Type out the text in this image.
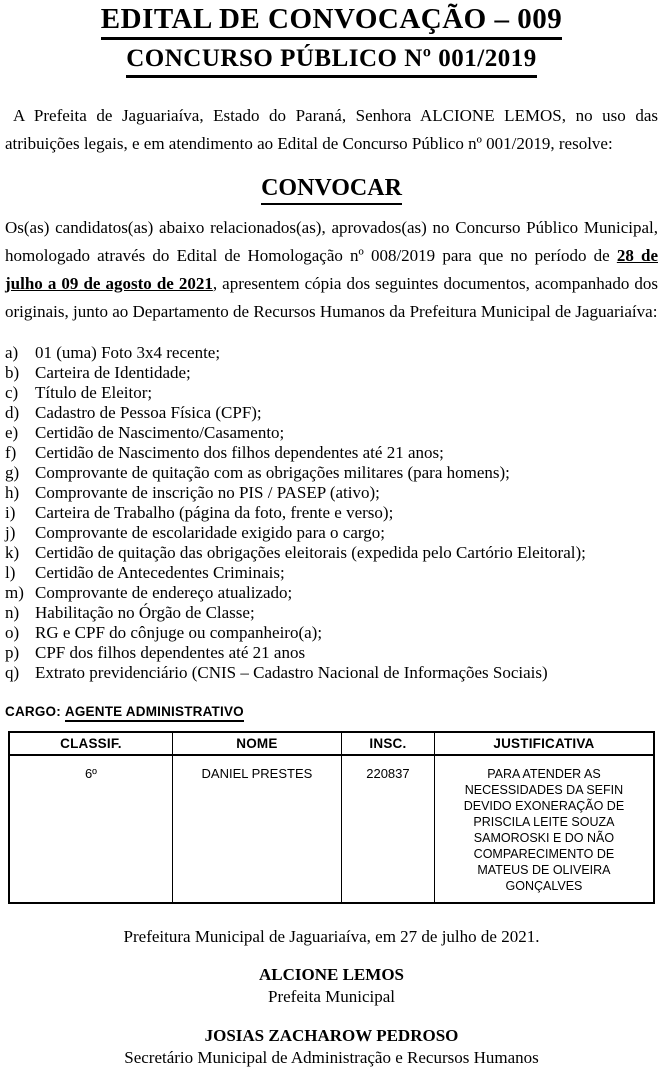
EDITAL DE CONVOCAÇÃO – 009
CONCURSO PÚBLICO Nº 001/2019

A Prefeita de Jaguariaíva, Estado do Paraná, Senhora ALCIONE LEMOS, no uso das atribuições legais, e em atendimento ao Edital de Concurso Público nº 001/2019, resolve:

CONVOCAR

Os(as) candidatos(as) abaixo relacionados(as), aprovados(as) no Concurso Público Municipal, homologado através do Edital de Homologação nº 008/2019 para que no período de 28 de julho a 09 de agosto de 2021, apresentem cópia dos seguintes documentos, acompanhado dos originais, junto ao Departamento de Recursos Humanos da Prefeitura Municipal de Jaguariaíva:

a) 01 (uma) Foto 3x4 recente;
b) Carteira de Identidade;
c) Título de Eleitor;
d) Cadastro de Pessoa Física (CPF);
e) Certidão de Nascimento/Casamento;
f)	Certidão de Nascimento dos filhos dependentes até 21 anos;
g) Comprovante de quitação com as obrigações militares (para homens);
h) Comprovante de inscrição no PIS / PASEP (ativo);
i)	Carteira de Trabalho (página da foto, frente e verso);
j)	Comprovante de escolaridade exigido para o cargo;
k) Certidão de quitação das obrigações eleitorais (expedida pelo Cartório Eleitoral);
l)	Certidão de Antecedentes Criminais;
m) Comprovante de endereço atualizado;
n) Habilitação no Órgão de Classe;
o) RG e CPF do cônjuge ou companheiro(a);
p) CPF dos filhos dependentes até 21 anos
q) Extrato previdenciário (CNIS – Cadastro Nacional de Informações Sociais)
CARGO: AGENTE ADMINISTRATIVO
CLASSIF.	NOME	INSC.	JUSTIFICATIVA
6º	DANIEL PRESTES	220837	PARA ATENDER AS NECESSIDADES DA SEFIN DEVIDO EXONERAÇÃO DE PRISCILA LEITE SOUZA SAMOROSKI E DO NÃO COMPARECIMENTO DE MATEUS DE OLIVEIRA GONÇALVES
Prefeitura Municipal de Jaguariaíva, em 27 de julho de 2021.
ALCIONE LEMOS
Prefeita Municipal
JOSIAS ZACHAROW PEDROSO
Secretário Municipal de Administração e Recursos Humanos
